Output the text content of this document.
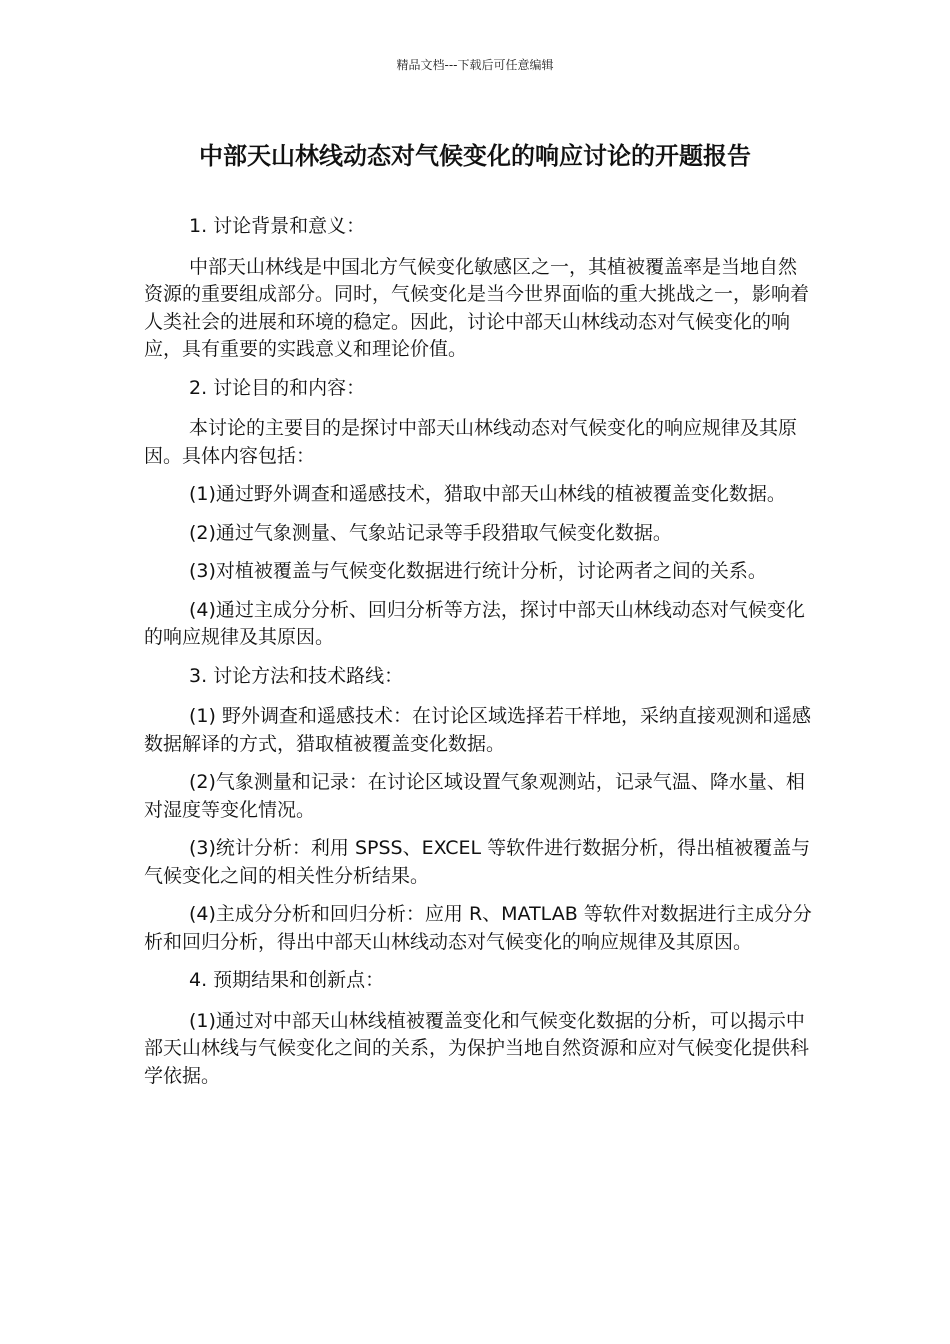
精品文档---下载后可任意编辑
中部天山林线动态对气候变化的响应讨论的开题报告

1. 讨论背景和意义：

中部天山林线是中国北方气候变化敏感区之一，其植被覆盖率是当地自然资源的重要组成部分。同时，气候变化是当今世界面临的重大挑战之一，影响着人类社会的进展和环境的稳定。因此，讨论中部天山林线动态对气候变化的响应，具有重要的实践意义和理论价值。

2. 讨论目的和内容：

本讨论的主要目的是探讨中部天山林线动态对气候变化的响应规律及其原因。具体内容包括：

(1)通过野外调查和遥感技术，猎取中部天山林线的植被覆盖变化数据。

(2)通过气象测量、气象站记录等手段猎取气候变化数据。

(3)对植被覆盖与气候变化数据进行统计分析，讨论两者之间的关系。

(4)通过主成分分析、回归分析等方法，探讨中部天山林线动态对气候变化的响应规律及其原因。

3. 讨论方法和技术路线：

(1) 野外调查和遥感技术：在讨论区域选择若干样地，采纳直接观测和遥感数据解译的方式，猎取植被覆盖变化数据。

(2)气象测量和记录：在讨论区域设置气象观测站，记录气温、降水量、相对湿度等变化情况。

(3)统计分析：利用 SPSS、EXCEL 等软件进行数据分析，得出植被覆盖与气候变化之间的相关性分析结果。

(4)主成分分析和回归分析：应用 R、MATLAB 等软件对数据进行主成分分析和回归分析，得出中部天山林线动态对气候变化的响应规律及其原因。

4. 预期结果和创新点：

(1)通过对中部天山林线植被覆盖变化和气候变化数据的分析，可以揭示中部天山林线与气候变化之间的关系，为保护当地自然资源和应对气候变化提供科学依据。
